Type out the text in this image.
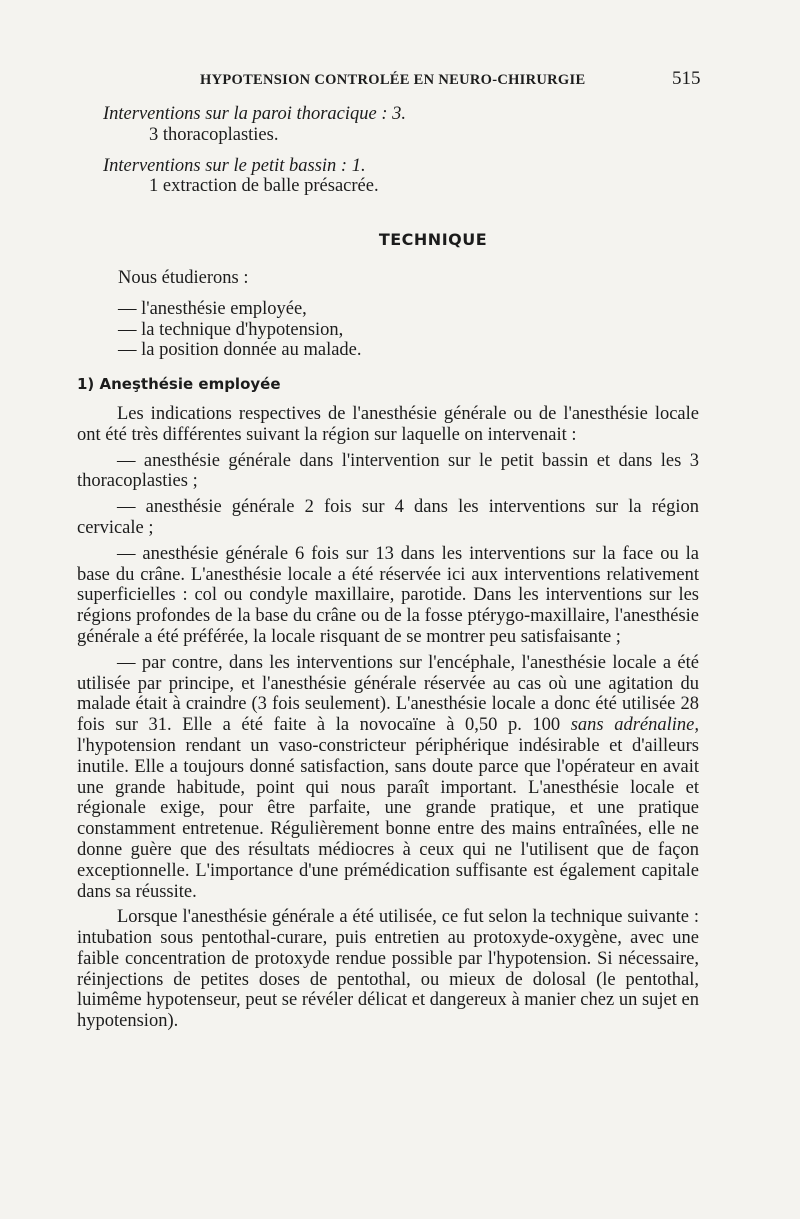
HYPOTENSION CONTROLÉE EN NEURO-CHIRURGIE	515

Interventions sur la paroi thoracique : 3.

3 thoracoplasties.

Interventions sur le petit bassin : 1.

1 extraction de balle présacrée.

TECHNIQUE

Nous étudierons :

— l'anesthésie employée,

— la technique d'hypotension,

— la position donnée au malade.

1) Aneşthésie employée

Les indications respectives de l'anesthésie générale ou de l'anesthésie locale ont été très différentes suivant la région sur laquelle on intervenait :

— anesthésie générale dans l'intervention sur le petit bassin et dans les 3 thoracoplasties ;

— anesthésie générale 2 fois sur 4 dans les interventions sur la région cervicale ;

— anesthésie générale 6 fois sur 13 dans les interventions sur la face ou la base du crâne. L'anesthésie locale a été réservée ici aux interventions relativement superficielles : col ou condyle maxillaire, parotide. Dans les interventions sur les régions profondes de la base du crâne ou de la fosse ptérygo-maxillaire, l'anesthésie générale a été préférée, la locale risquant de se montrer peu satisfaisante ;

— par contre, dans les interventions sur l'encéphale, l'anesthésie locale a été utilisée par principe, et l'anesthésie générale réservée au cas où une agitation du malade était à craindre (3 fois seulement). L'anesthésie locale a donc été utilisée 28 fois sur 31. Elle a été faite à la novocaïne à 0,50 p. 100 sans adrénaline, l'hypotension rendant un vaso-constricteur périphérique indésirable et d'ailleurs inutile. Elle a toujours donné satisfaction, sans doute parce que l'opérateur en avait une grande habitude, point qui nous paraît important. L'anesthésie locale et régionale exige, pour être parfaite, une grande pratique, et une pratique constamment entretenue. Régulièrement bonne entre des mains entraînées, elle ne donne guère que des résultats médiocres à ceux qui ne l'utilisent que de façon exceptionnelle. L'importance d'une prémédication suffisante est également capitale dans sa réussite.

Lorsque l'anesthésie générale a été utilisée, ce fut selon la technique suivante : intubation sous pentothal-curare, puis entretien au protoxyde-oxygène, avec une faible concentration de protoxyde rendue possible par l'hypotension. Si nécessaire, réinjections de petites doses de pentothal, ou mieux de dolosal (le pentothal, luimême hypotenseur, peut se révéler délicat et dangereux à manier chez un sujet en hypotension).
